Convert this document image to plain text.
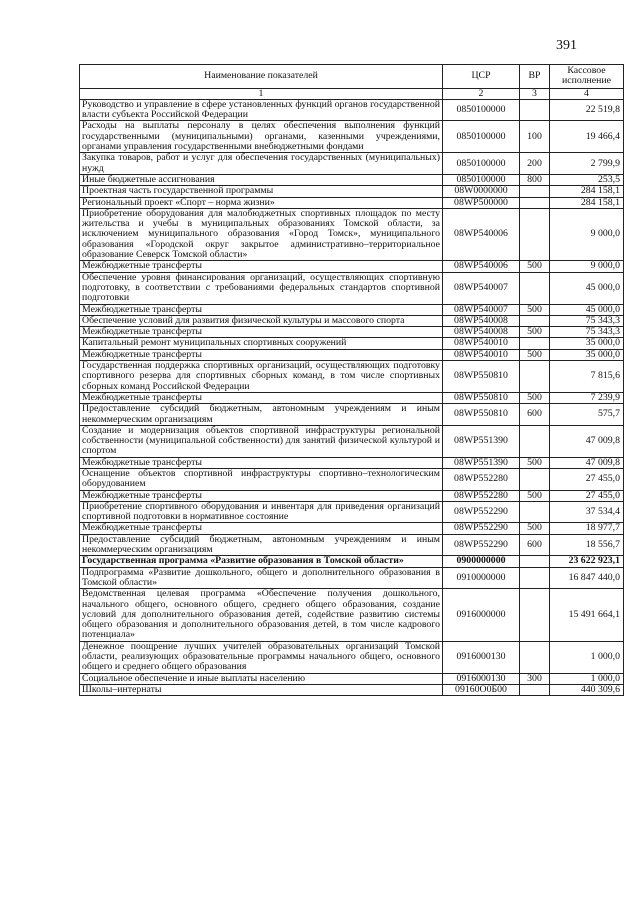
391
Наименование показателей	ЦСР	ВР	Кассовое исполнение
1	2	3	4
Руководство и управление в сфере установленных функций органов государственной власти субъекта Российской Федерации	0850100000		22 519,8
Расходы на выплаты персоналу в целях обеспечения выполнения функций государственными (муниципальными) органами, казенными учреждениями, органами управления государственными внебюджетными фондами	0850100000	100	19 466,4
Закупка товаров, работ и услуг для обеспечения государственных (муниципальных) нужд	0850100000	200	2 799,9
Иные бюджетные ассигнования	0850100000	800	253,5
Проектная часть государственной программы	08W0000000		284 158,1
Региональный проект «Спорт – норма жизни»	08WP500000		284 158,1
Приобретение оборудования для малобюджетных спортивных площадок по месту жительства и учебы в муниципальных образованиях Томской области, за исключением муниципального образования «Город Томск», муниципального образования «Городской округ закрытое административно–территориальное образование Северск Томской области»	08WP540006		9 000,0
Межбюджетные трансферты	08WP540006	500	9 000,0
Обеспечение уровня финансирования организаций, осуществляющих спортивную подготовку, в соответствии с требованиями федеральных стандартов спортивной подготовки	08WP540007		45 000,0
Межбюджетные трансферты	08WP540007	500	45 000,0
Обеспечение условий для развития физической культуры и массового спорта	08WP540008		75 343,3
Межбюджетные трансферты	08WP540008	500	75 343,3
Капитальный ремонт муниципальных спортивных сооружений	08WP540010		35 000,0
Межбюджетные трансферты	08WP540010	500	35 000,0
Государственная поддержка спортивных организаций, осуществляющих подготовку спортивного резерва для спортивных сборных команд, в том числе спортивных сборных команд Российской Федерации	08WP550810		7 815,6
Межбюджетные трансферты	08WP550810	500	7 239,9
Предоставление субсидий бюджетным, автономным учреждениям и иным некоммерческим организациям	08WP550810	600	575,7
Создание и модернизация объектов спортивной инфраструктуры региональной собственности (муниципальной собственности) для занятий физической культурой и спортом	08WP551390		47 009,8
Межбюджетные трансферты	08WP551390	500	47 009,8
Оснащение объектов спортивной инфраструктуры спортивно–технологическим оборудованием	08WP552280		27 455,0
Межбюджетные трансферты	08WP552280	500	27 455,0
Приобретение спортивного оборудования и инвентаря для приведения организаций спортивной подготовки в нормативное состояние	08WP552290		37 534,4
Межбюджетные трансферты	08WP552290	500	18 977,7
Предоставление субсидий бюджетным, автономным учреждениям и иным некоммерческим организациям	08WP552290	600	18 556,7
Государственная программа «Развитие образования в Томской области»	0900000000		23 622 923,1
Подпрограмма «Развитие дошкольного, общего и дополнительного образования в Томской области»	0910000000		16 847 440,0
Ведомственная целевая программа «Обеспечение получения дошкольного, начального общего, основного общего, среднего общего образования, создание условий для дополнительного образования детей, содействие развитию системы общего образования и дополнительного образования детей, в том числе кадрового потенциала»	0916000000		15 491 664,1
Денежное поощрение лучших учителей образовательных организаций Томской области, реализующих образовательные программы начального общего, основного общего и среднего общего образования	0916000130		1 000,0
Социальное обеспечение и иные выплаты населению	0916000130	300	1 000,0
Школы–интернаты	09160О0Б00		440 309,6
